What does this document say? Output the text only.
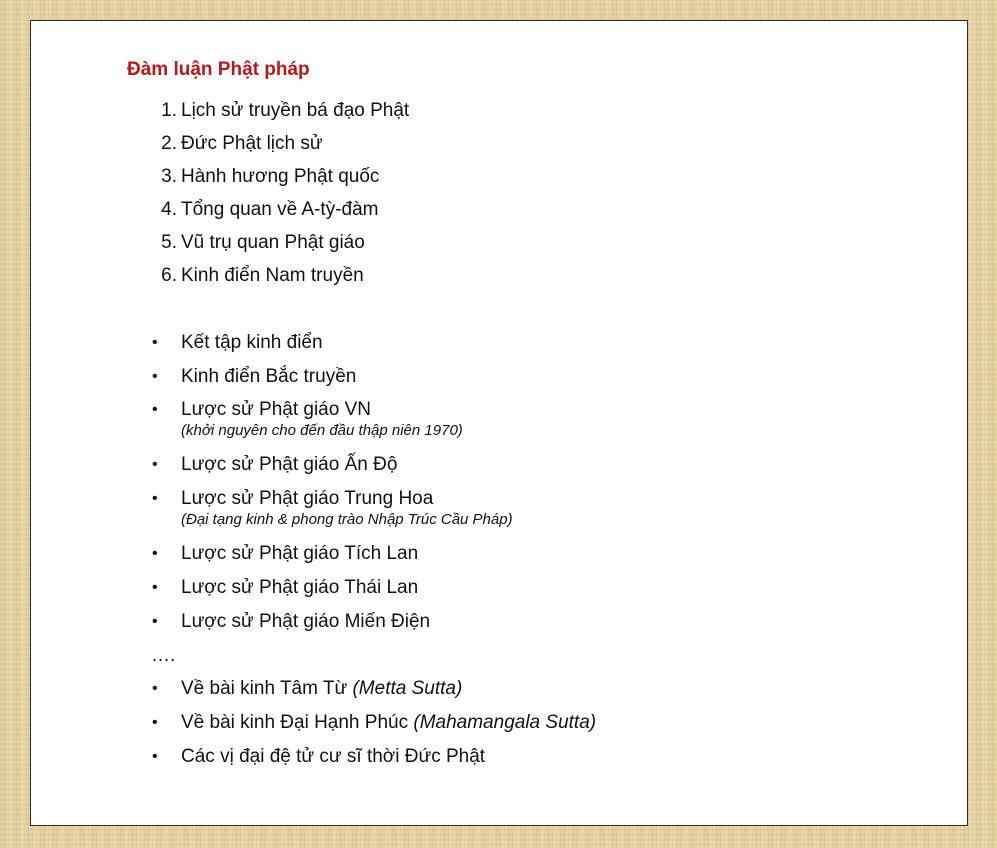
Đàm luận Phật pháp
1. Lịch sử truyền bá đạo Phật
2. Đức Phật lịch sử
3. Hành hương Phật quốc
4. Tổng quan về A-tỳ-đàm
5. Vũ trụ quan Phật giáo
6. Kinh điển Nam truyền
• Kết tập kinh điển
• Kinh điển Bắc truyền
• Lược sử Phật giáo VN
(khởi nguyên cho đến đầu thập niên 1970)
• Lược sử Phật giáo Ấn Độ
• Lược sử Phật giáo Trung Hoa
(Đại tạng kinh & phong trào Nhập Trúc Cầu Pháp)
• Lược sử Phật giáo Tích Lan
• Lược sử Phật giáo Thái Lan
• Lược sử Phật giáo Miến Điện
….
• Về bài kinh Tâm Từ (Metta Sutta)
• Về bài kinh Đại Hạnh Phúc (Mahamangala Sutta)
• Các vị đại đệ tử cư sĩ thời Đức Phật
